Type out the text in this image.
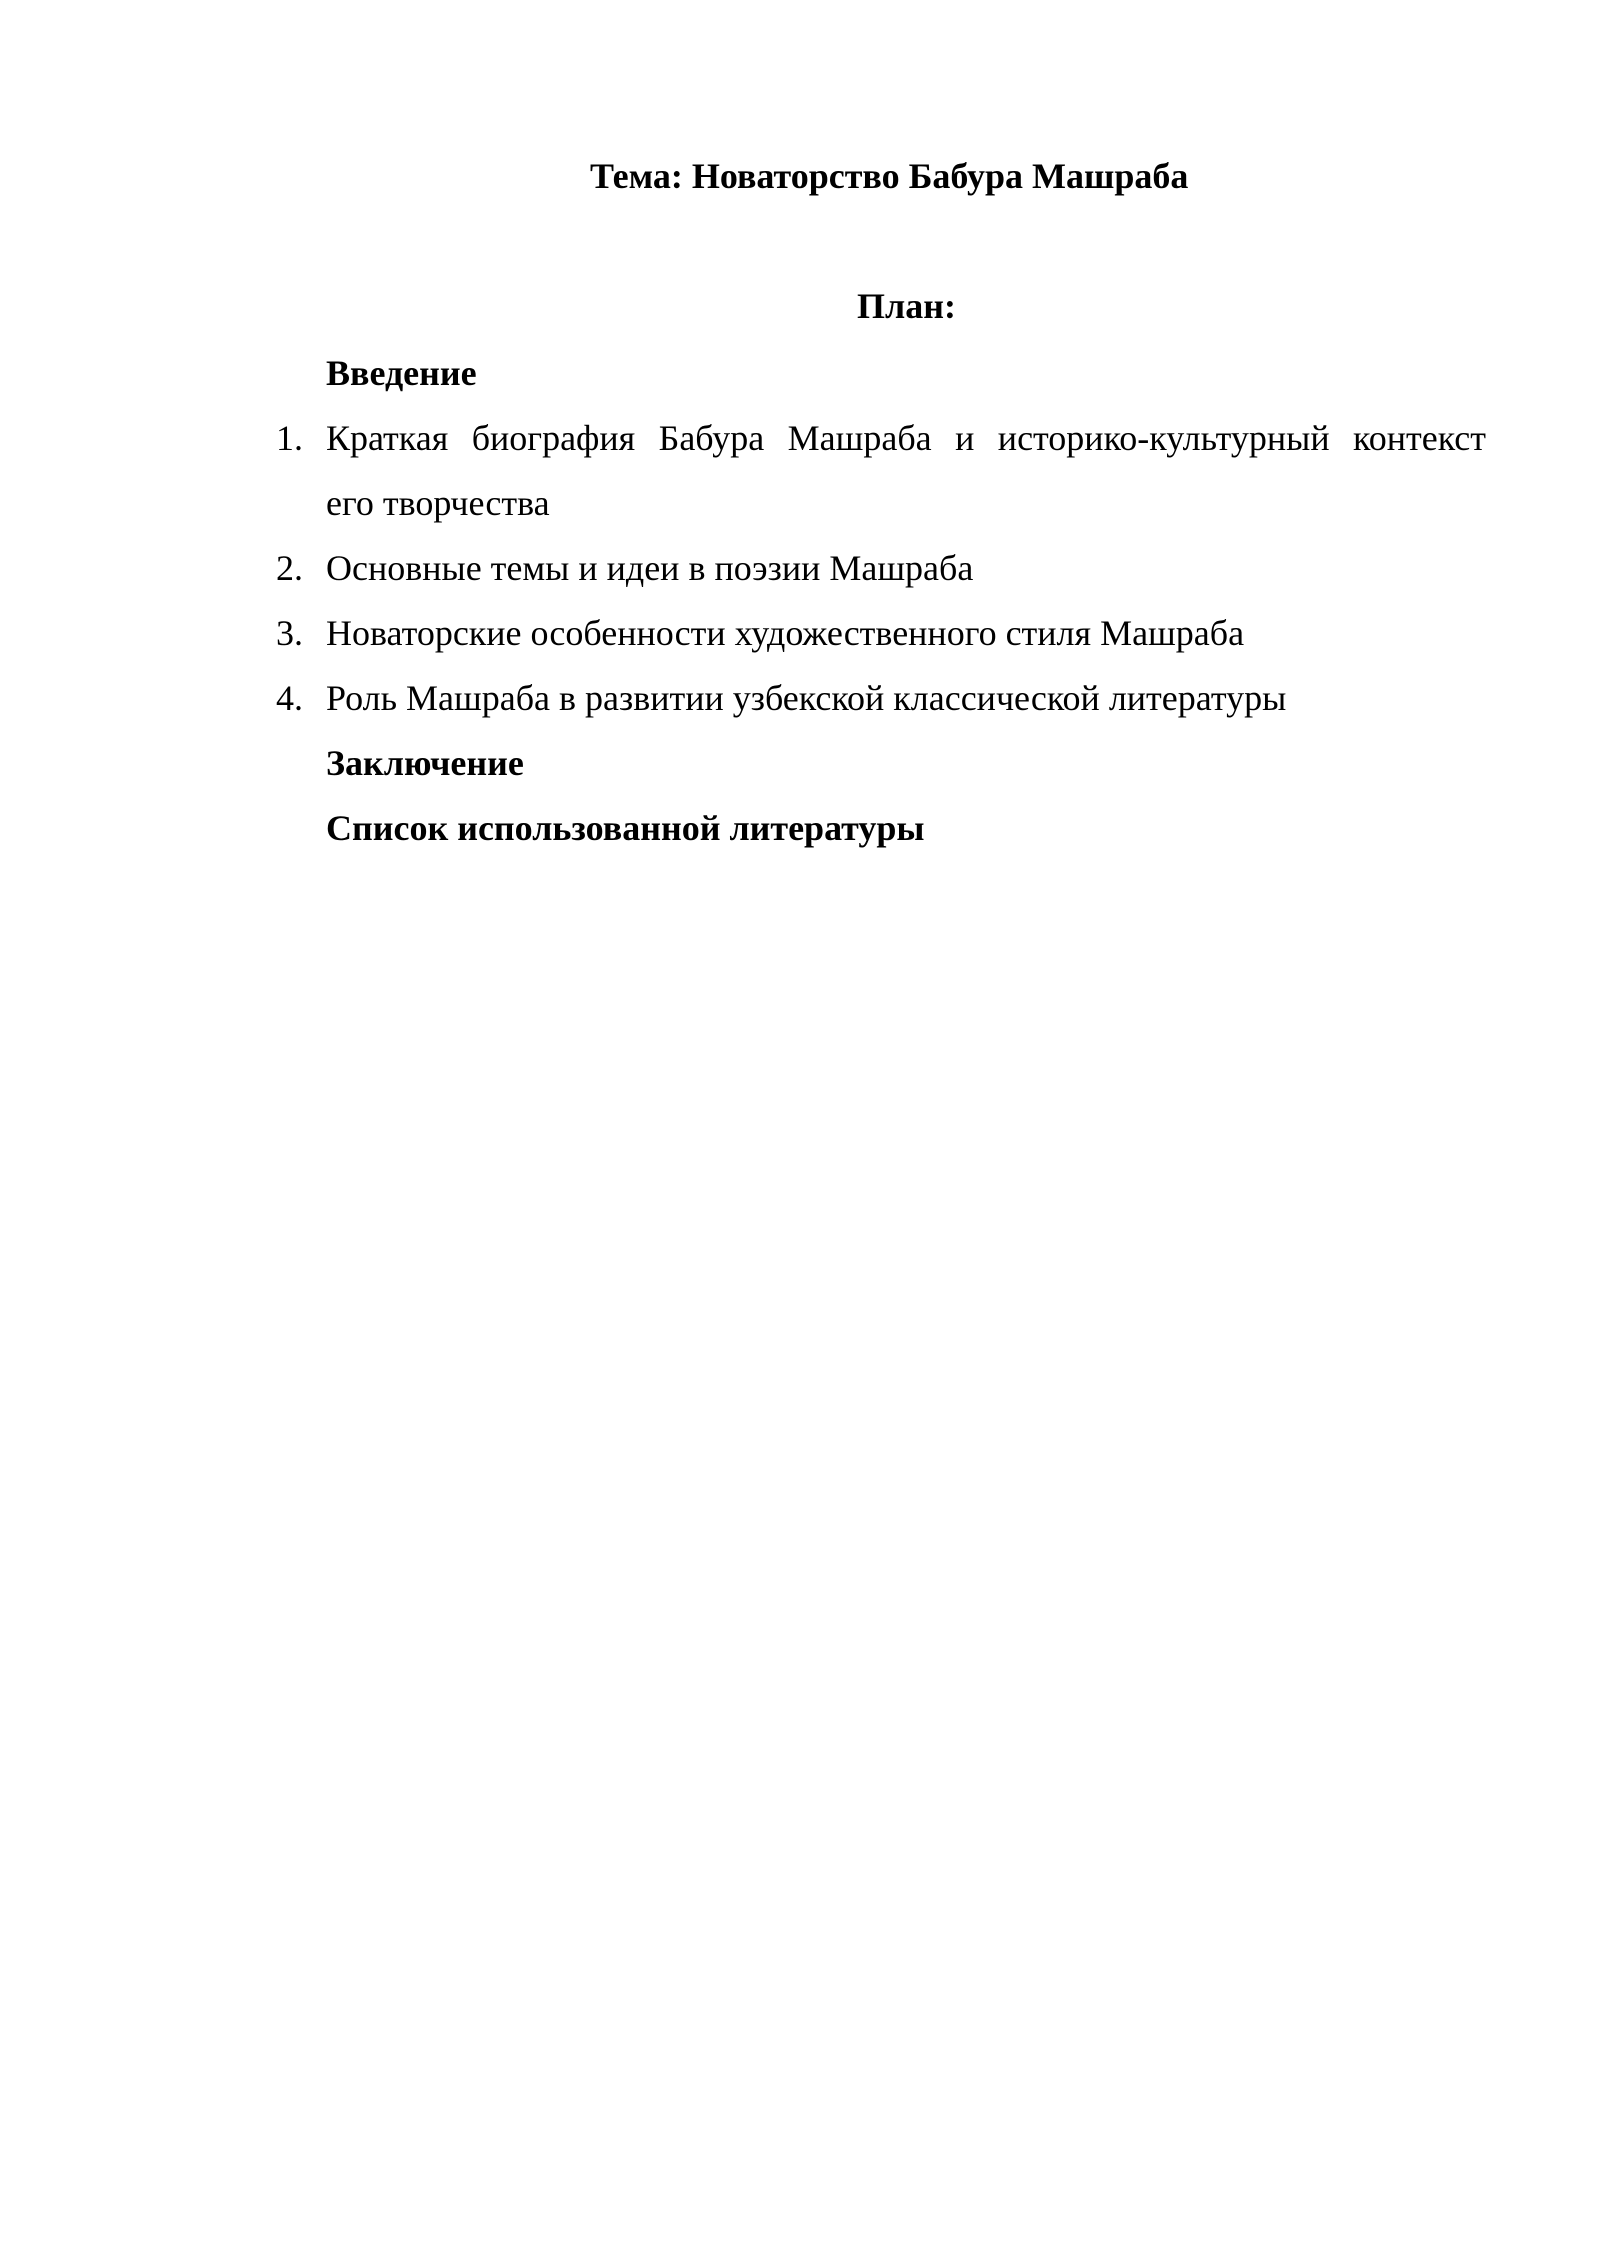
Тема: Новаторство Бабура Машраба
План:
Введение
1. Краткая биография Бабура Машраба и историко-культурный контекст
его творчества
2. Основные темы и идеи в поэзии Машраба
3. Новаторские особенности художественного стиля Машраба
4. Роль Машраба в развитии узбекской классической литературы
Заключение
Список использованной литературы
